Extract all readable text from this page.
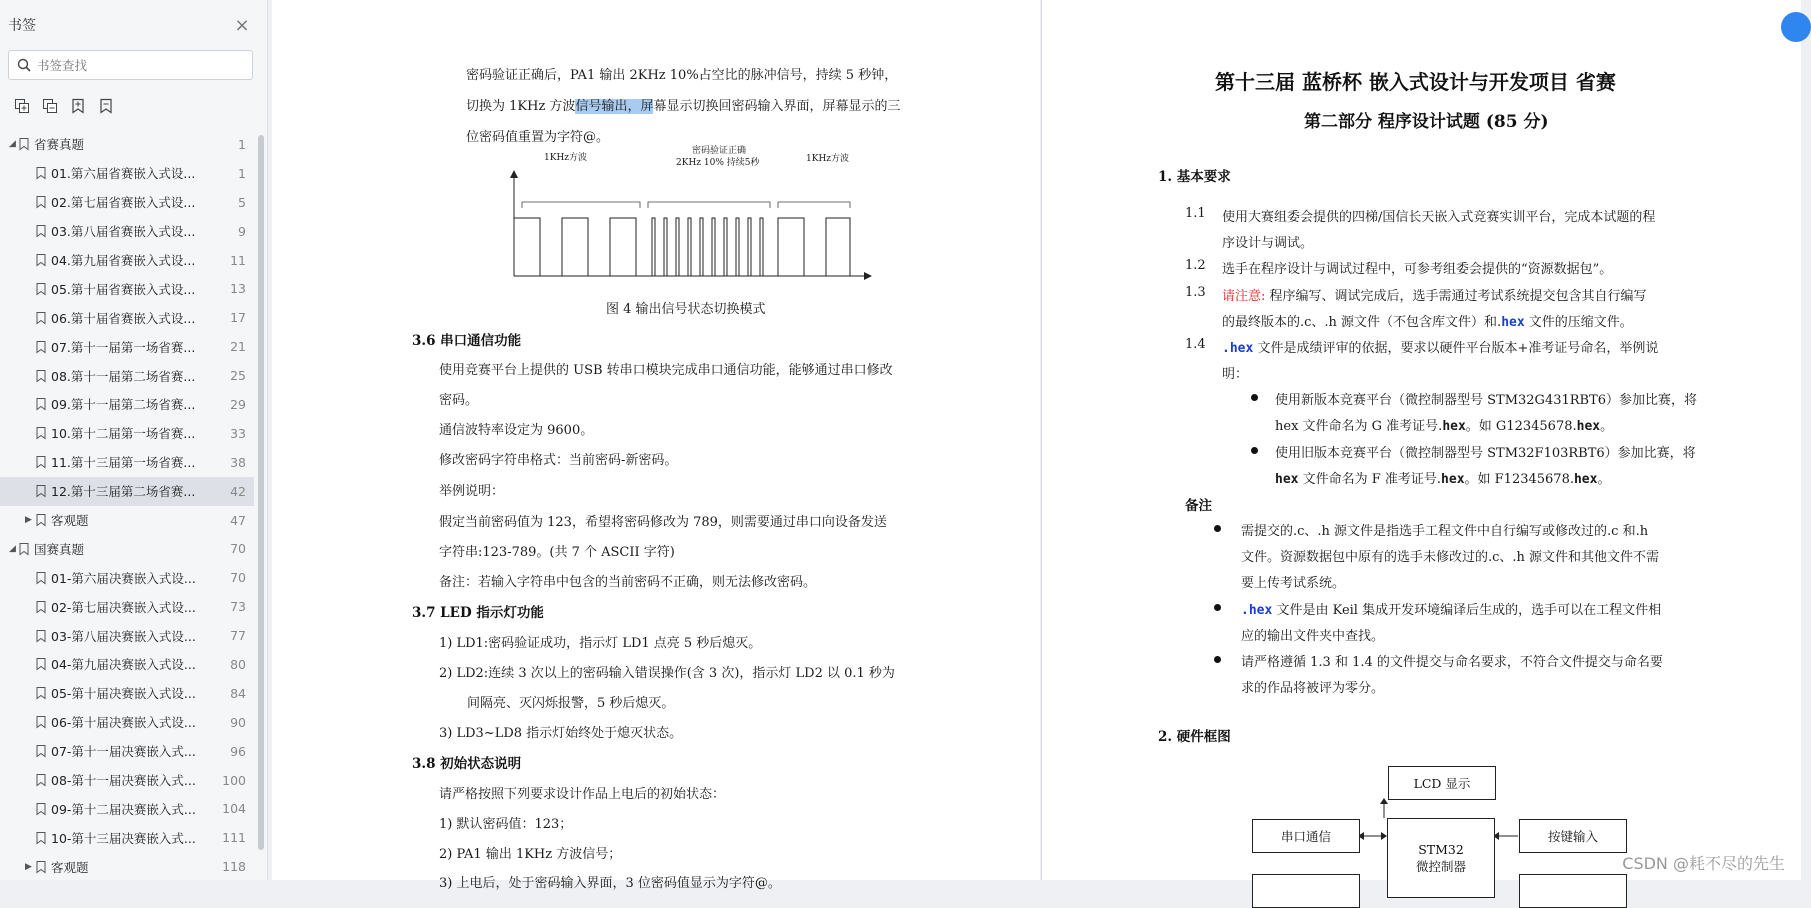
书签	×
书签查找
◢ 省赛真题	1
01.第六届省赛嵌入式设...	1
02.第七届省赛嵌入式设...	5
03.第八届省赛嵌入式设...	9
04.第九届省赛嵌入式设...	11
05.第十届省赛嵌入式设...	13
06.第十届省赛嵌入式设...	17
07.第十一届第一场省赛...	21
08.第十一届第二场省赛...	25
09.第十一届第二场省赛...	29
10.第十二届第一场省赛...	33
11.第十三届第一场省赛...	38
12.第十三届第二场省赛...	42
▶ 客观题	47
◢ 国赛真题	70
01-第六届决赛嵌入式设...	70
02-第七届决赛嵌入式设...	73
03-第八届决赛嵌入式设...	77
04-第九届决赛嵌入式设...	80
05-第十届决赛嵌入式设...	84
06-第十届决赛嵌入式设...	90
07-第十一届决赛嵌入式...	96
08-第十一届决赛嵌入式... 100
09-第十二届决赛嵌入式... 104
10-第十三届决赛嵌入式... 111
▶ 客观题	118
密码验证正确后，PA1 输出 2KHz 10%占空比的脉冲信号，持续 5 秒钟，
切换为 1KHz 方波信号输出，屏幕显示切换回密码输入界面，屏幕显示的三
位密码值重置为字符@。
1KHz方波
密码验证正确
2KHz 10% 持续5秒	1KHz方波
图 4 输出信号状态切换模式
3.6 串口通信功能
使用竞赛平台上提供的 USB 转串口模块完成串口通信功能，能够通过串口修改
密码。
通信波特率设定为 9600。
修改密码字符串格式：当前密码-新密码。
举例说明：
假定当前密码值为 123，希望将密码修改为 789，则需要通过串口向设备发送
字符串:123-789。(共 7 个 ASCII 字符)
备注：若输入字符串中包含的当前密码不正确，则无法修改密码。
3.7 LED 指示灯功能
1) LD1:密码验证成功，指示灯 LD1 点亮 5 秒后熄灭。
2) LD2:连续 3 次以上的密码输入错误操作(含 3 次)，指示灯 LD2 以 0.1 秒为
间隔亮、灭闪烁报警，5 秒后熄灭。
3) LD3~LD8 指示灯始终处于熄灭状态。
3.8 初始状态说明
请严格按照下列要求设计作品上电后的初始状态：
1) 默认密码值：123；
2) PA1 输出 1KHz 方波信号；
3) 上电后，处于密码输入界面，3 位密码值显示为字符@。
第十三届 蓝桥杯 嵌入式设计与开发项目 省赛
第二部分 程序设计试题 (85 分)
1. 基本要求
1.1 使用大赛组委会提供的四梯/国信长天嵌入式竞赛实训平台，完成本试题的程
序设计与调试。
1.2 选手在程序设计与调试过程中，可参考组委会提供的“资源数据包”。
1.3 请注意: 程序编写、调试完成后，选手需通过考试系统提交包含其自行编写
的最终版本的.c、.h 源文件（不包含库文件）和.hex 文件的压缩文件。
1.4 .hex 文件是成绩评审的依据，要求以硬件平台版本+准考证号命名，举例说
明：
使用新版本竞赛平台（微控制器型号 STM32G431RBT6）参加比赛，将
hex 文件命名为 G 准考证号.hex。如 G12345678.hex。
使用旧版本竞赛平台（微控制器型号 STM32F103RBT6）参加比赛，将
hex 文件命名为 F 准考证号.hex。如 F12345678.hex。
备注
需提交的.c、.h 源文件是指选手工程文件中自行编写或修改过的.c 和.h
文件。资源数据包中原有的选手未修改过的.c、.h 源文件和其他文件不需
要上传考试系统。
.hex 文件是由 Keil 集成开发环境编译后生成的，选手可以在工程文件相
应的输出文件夹中查找。
请严格遵循 1.3 和 1.4 的文件提交与命名要求，不符合文件提交与命名要
求的作品将被评为零分。
2. 硬件框图
LCD 显示
串口通信
STM32
微控制器
按键输入
CSDN @耗不尽的先生
